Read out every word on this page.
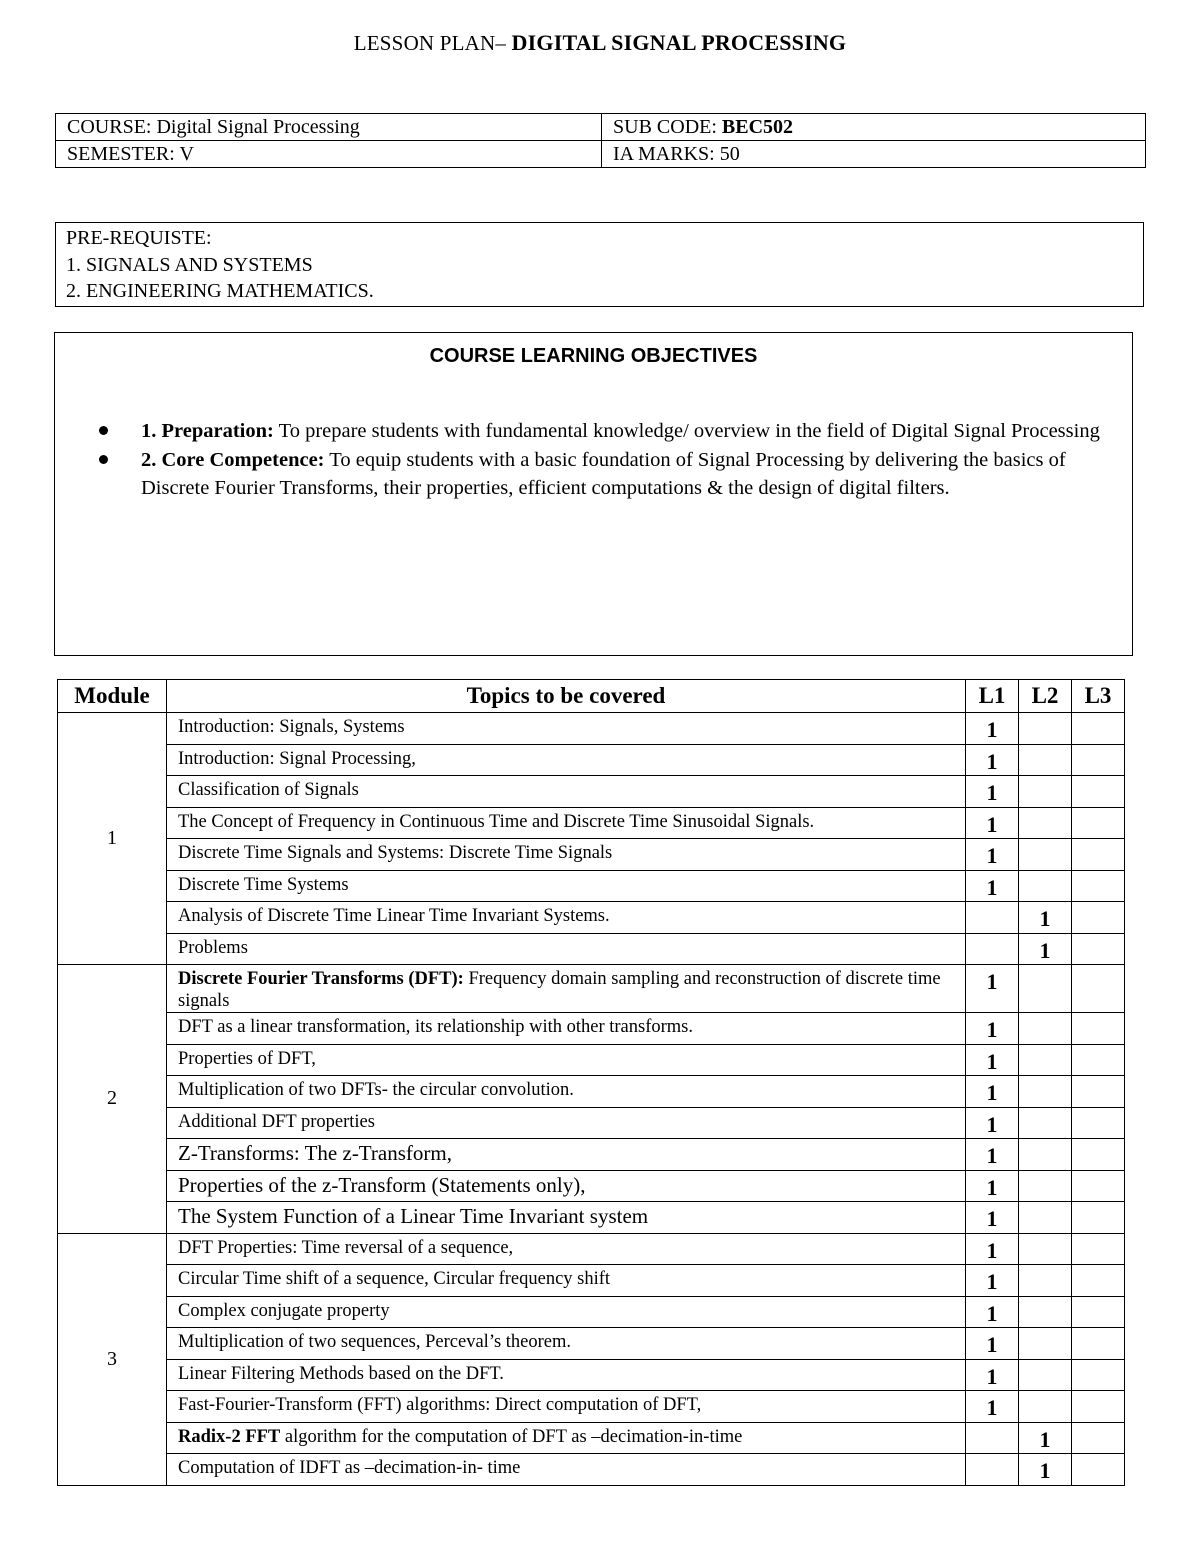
LESSON PLAN– DIGITAL SIGNAL PROCESSING
COURSE: Digital Signal Processing	SUB CODE: BEC502
SEMESTER: V	IA MARKS: 50
PRE-REQUISTE:
1. SIGNALS AND SYSTEMS
2. ENGINEERING MATHEMATICS.
COURSE LEARNING OBJECTIVES
1. Preparation: To prepare students with fundamental knowledge/ overview in the field of Digital Signal Processing
2. Core Competence: To equip students with a basic foundation of Signal Processing by delivering the basics of Discrete Fourier Transforms, their properties, efficient computations & the design of digital filters.
Module	Topics to be covered	L1	L2	L3
1	Introduction: Signals, Systems	1		
	Introduction: Signal Processing,	1		
	Classification of Signals	1		
	The Concept of Frequency in Continuous Time and Discrete Time Sinusoidal Signals.	1		
	Discrete Time Signals and Systems: Discrete Time Signals	1		
	Discrete Time Systems	1		
	Analysis of Discrete Time Linear Time Invariant Systems.		1	
	Problems		1	
2	Discrete Fourier Transforms (DFT): Frequency domain sampling and reconstruction of discrete time signals	1		
	DFT as a linear transformation, its relationship with other transforms.	1		
	Properties of DFT,	1		
	Multiplication of two DFTs- the circular convolution.	1		
	Additional DFT properties	1		
	Z-Transforms: The z-Transform,	1		
	Properties of the z-Transform (Statements only),	1		
	The System Function of a Linear Time Invariant system	1		
3	DFT Properties: Time reversal of a sequence,	1		
	Circular Time shift of a sequence, Circular frequency shift	1		
	Complex conjugate property	1		
	Multiplication of two sequences, Perceval’s theorem.	1		
	Linear Filtering Methods based on the DFT.	1		
	Fast-Fourier-Transform (FFT) algorithms: Direct computation of DFT,	1		
	Radix-2 FFT algorithm for the computation of DFT as –decimation-in-time		1	
	Computation of IDFT as –decimation-in- time		1	
